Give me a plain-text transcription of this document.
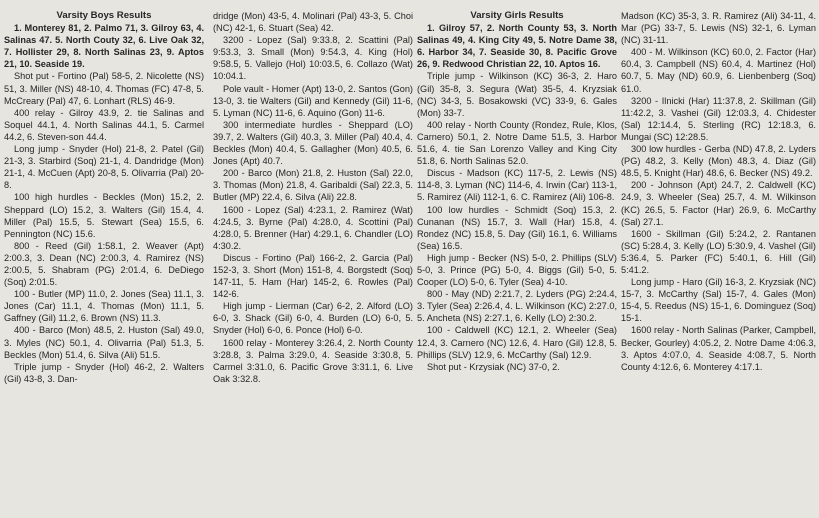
Varsity Boys Results

1. Monterey 81, 2. Palmo 71, 3. Gilroy 63, 4. Salinas 47. 5. North Couty 32, 6. Live Oak 32, 7. Hollister 29, 8. North Salinas 23, 9. Aptos 21, 10. Seaside 19.

Shot put - Fortino (Pal) 58-5, 2. Nicolette (NS) 51, 3. Miller (NS) 48-10, 4. Thomas (FC) 47-8, 5. McCreary (Pal) 47, 6. Lonhart (RLS) 46-9.

400 relay - Gilroy 43.9, 2. tie Salinas and Soquel 44.1, 4. North Salinas 44.1, 5. Carmel 44.2, 6. Steven-son 44.4.

Long jump - Snyder (Hol) 21-8, 2. Patel (Gil) 21-3, 3. Starbird (Soq) 21-1, 4. Dandridge (Mon) 21-1, 4. McCuen (Apt) 20-8, 5. Olivarria (Pal) 20-8.

100 high hurdles - Beckles (Mon) 15.2, 2. Sheppard (LO) 15.2, 3. Walters (Gil) 15.4, 4. Miller (Pal) 15.5, 5. Stewart (Sea) 15.5, 6. Pennington (NC) 15.6.

800 - Reed (Gil) 1:58.1, 2. Weaver (Apt) 2:00.3, 3. Dean (NC) 2:00.3, 4. Ramirez (NS) 2:00.5, 5. Shabram (PG) 2:01.4, 6. DeDiego (Soq) 2:01.5.

100 - Butler (MP) 11.0, 2. Jones (Sea) 11.1, 3. Jones (Car) 11.1, 4. Thomas (Mon) 11.1, 5. Gaffney (Gil) 11.2, 6. Brown (NS) 11.3.

400 - Barco (Mon) 48.5, 2. Huston (Sal) 49.0, 3. Myles (NC) 50.1, 4. Olivarria (Pal) 51.3, 5. Beckles (Mon) 51.4, 6. Silva (Ali) 51.5.

Triple jump - Snyder (Hol) 46-2, 2. Walters (Gil) 43-8, 3. Dan-

dridge (Mon) 43-5, 4. Molinari (Pal) 43-3, 5. Choi (NC) 42-1, 6. Stuart (Sea) 42.

3200 - Lopez (Sal) 9:33.8, 2. Scattini (Pal) 9:53.3, 3. Small (Mon) 9:54.3, 4. King (Hol) 9:58.5, 5. Vallejo (Hol) 10:03.5, 6. Collazo (Wat) 10:04.1.

Pole vault - Homer (Apt) 13-0, 2. Santos (Gon) 13-0, 3. tie Walters (Gil) and Kennedy (Gil) 11-6, 5. Lyman (NC) 11-6, 6. Aquino (Gon) 11-6.

300 intermediate hurdles - Sheppard (LO) 39.7, 2. Walters (Gil) 40.3, 3. Miller (Pal) 40.4, 4. Beckles (Mon) 40.4, 5. Gallagher (Mon) 40.5, 6. Jones (Apt) 40.7.

200 - Barco (Mon) 21.8, 2. Huston (Sal) 22.0, 3. Thomas (Mon) 21.8, 4. Garibaldi (Sal) 22.3, 5. Butler (MP) 22.4, 6. Silva (Ali) 22.8.

1600 - Lopez (Sal) 4:23.1, 2. Ramirez (Wat) 4:24.5, 3. Byrne (Pal) 4:28.0, 4. Scottini (Pal) 4:28.0, 5. Brenner (Har) 4:29.1, 6. Chandler (LO) 4:30.2.

Discus - Fortino (Pal) 166-2, 2. Garcia (Pal) 152-3, 3. Short (Mon) 151-8, 4. Borgstedt (Soq) 147-11, 5. Ham (Har) 145-2, 6. Rowles (Pal) 142-6.

High jump - Lierman (Car) 6-2, 2. Alford (LO) 6-0, 3. Shack (Gil) 6-0, 4. Burden (LO) 6-0, 5. Snyder (Hol) 6-0, 6. Ponce (Hol) 6-0.

1600 relay - Monterey 3:26.4, 2. North County 3:28.8, 3. Palma 3:29.0, 4. Seaside 3:30.8, 5. Carmel 3:31.0, 6. Pacific Grove 3:31.1, 6. Live Oak 3:32.8.

Varsity Girls Results

1. Gilroy 57, 2. North County 53, 3. North Salinas 49, 4. King City 49, 5. Notre Dame 38, 6. Harbor 34, 7. Seaside 30, 8. Pacific Grove 26, 9. Redwood Christian 22, 10. Aptos 16.

Triple jump - Wilkinson (KC) 36-3, 2. Haro (Gil) 35-8, 3. Segura (Wat) 35-5, 4. Kryzsiak (NC) 34-3, 5. Bosakowski (VC) 33-9, 6. Gales (Mon) 33-7.

400 relay - North County (Rondez, Rule, Klos, Carnero) 50.1, 2. Notre Dame 51.5, 3. Harbor 51.6, 4. tie San Lorenzo Valley and King City 51.8, 6. North Salinas 52.0.

Discus - Madson (KC) 117-5, 2. Lewis (NS) 114-8, 3. Lyman (NC) 114-6, 4. Irwin (Car) 113-1, 5. Ramirez (Ali) 112-1, 6. C. Ramirez (Ali) 106-8.

100 low hurdles - Schmidt (Soq) 15.3, 2. Cunanan (NS) 15.7, 3. Wall (Har) 15.8, 4. Rondez (NC) 15.8, 5. Day (Gil) 16.1, 6. Williams (Sea) 16.5.

High jump - Becker (NS) 5-0, 2. Phillips (SLV) 5-0, 3. Prince (PG) 5-0, 4. Biggs (Gil) 5-0, 5. Cooper (LO) 5-0, 6. Tyler (Sea) 4-10.

800 - May (ND) 2:21.7, 2. Lyders (PG) 2:24.4, 3. Tyler (Sea) 2:26.4, 4. L. Wilkinson (KC) 2:27.0, 5. Ancheta (NS) 2:27.1, 6. Kelly (LO) 2:30.2.

100 - Caldwell (KC) 12.1, 2. Wheeler (Sea) 12.4, 3. Carnero (NC) 12.6, 4. Haro (Gil) 12.8, 5. Phillips (SLV) 12.9, 6. McCarthy (Sal) 12.9.

Shot put - Krzysiak (NC) 37-0, 2.

Madson (KC) 35-3, 3. R. Ramirez (Ali) 34-11, 4. Mar (PG) 33-7, 5. Lewis (NS) 32-1, 6. Lyman (NC) 31-11.

400 - M. Wilkinson (KC) 60.0, 2. Factor (Har) 60.4, 3. Campbell (NS) 60.4, 4. Martinez (Hol) 60.7, 5. May (ND) 60.9, 6. Lienbenberg (Soq) 61.0.

3200 - Ilnicki (Har) 11:37.8, 2. Skillman (Gil) 11:42.2, 3. Vashei (Gil) 12:03.3, 4. Chidester (Sal) 12:14.4, 5. Sterling (RC) 12:18.3, 6. Mungai (SC) 12:28.5.

300 low hurdles - Gerba (ND) 47.8, 2. Lyders (PG) 48.2, 3. Kelly (Mon) 48.3, 4. Diaz (Gil) 48.5, 5. Knight (Har) 48.6, 6. Becker (NS) 49.2.

200 - Johnson (Apt) 24.7, 2. Caldwell (KC) 24.9, 3. Wheeler (Sea) 25.7, 4. M. Wilkinson (KC) 26.5, 5. Factor (Har) 26.9, 6. McCarthy (Sal) 27.1.

1600 - Skillman (Gil) 5:24.2, 2. Rantanen (SC) 5:28.4, 3. Kelly (LO) 5:30.9, 4. Vashel (Gil) 5:36.4, 5. Parker (FC) 5:40.1, 6. Hill (Gil) 5:41.2.

Long jump - Haro (Gil) 16-3, 2. Kryzsiak (NC) 15-7, 3. McCarthy (Sal) 15-7, 4. Gales (Mon) 15-4, 5. Reedus (NS) 15-1, 6. Dominguez (Soq) 15-1.

1600 relay - North Salinas (Parker, Campbell, Becker, Gourley) 4:05.2, 2. Notre Dame 4:06.3, 3. Aptos 4:07.0, 4. Seaside 4:08.7, 5. North County 4:12.6, 6. Monterey 4:17.1.
